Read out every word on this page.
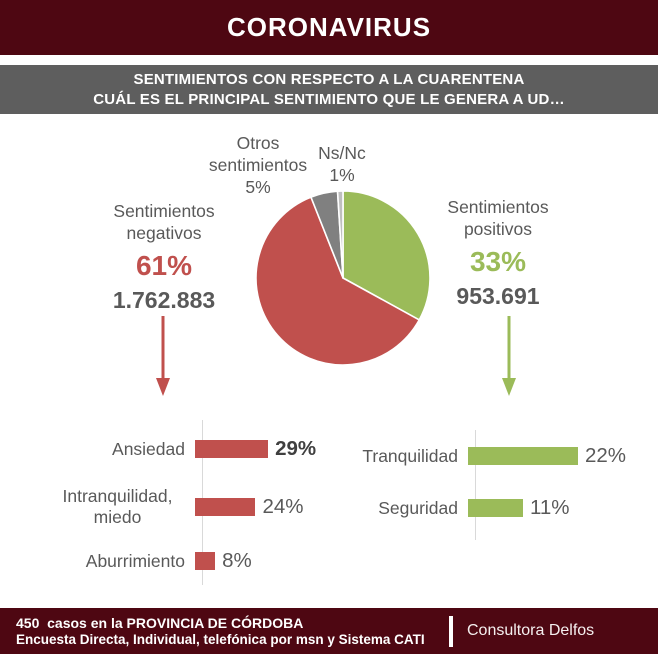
CORONAVIRUS
SENTIMIENTOS CON RESPECTO A LA CUARENTENA
CUÁL ES EL PRINCIPAL SENTIMIENTO QUE LE GENERA A UD…
Otros sentimientos
5%
Ns/Nc
1%
Sentimientos negativos
61%
1.762.883
Sentimientos positivos
33%
953.691
Ansiedad	29%
Intranquilidad, miedo	24%
Aburrimiento	8%
Tranquilidad	22%
Seguridad	11%
450  casos en la PROVINCIA DE CÓRDOBA
Encuesta Directa, Individual, telefónica por msn y Sistema CATI
Consultora Delfos
